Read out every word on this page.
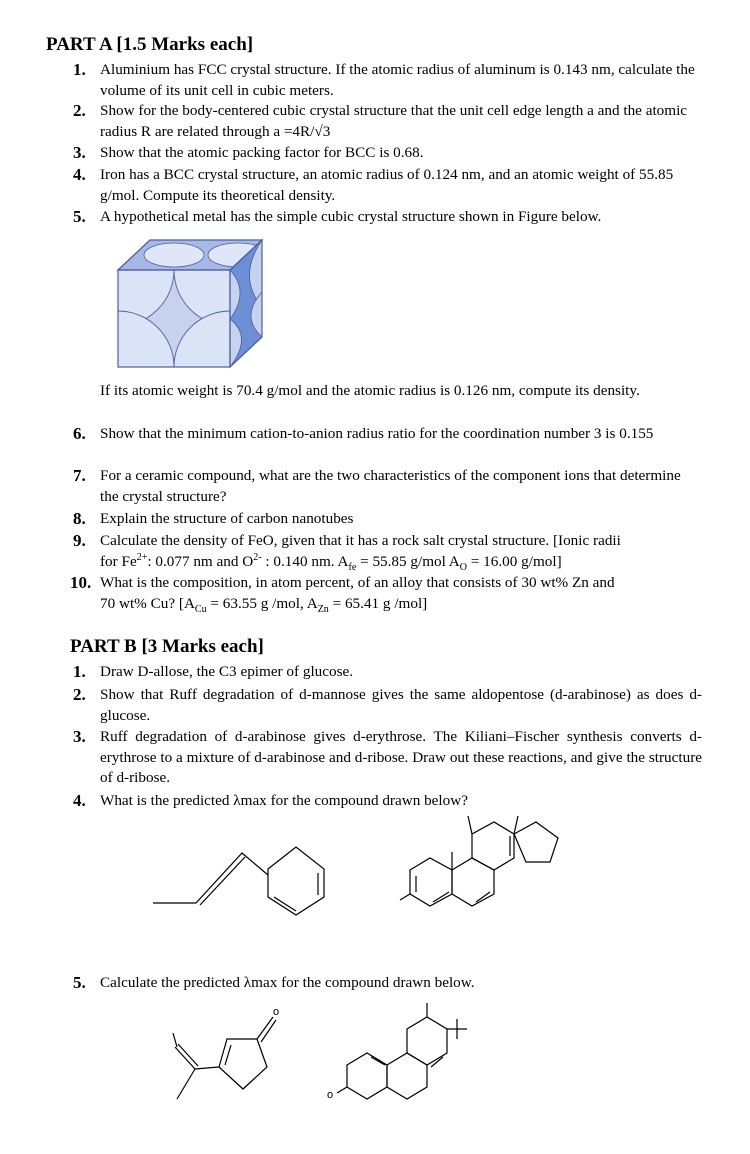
PART A [1.5 Marks each]
1. Aluminium has FCC crystal structure. If the atomic radius of aluminum is 0.143 nm, calculate the volume of its unit cell in cubic meters.
2. Show for the body-centered cubic crystal structure that the unit cell edge length a and the atomic radius R are related through a =4R/√3
3. Show that the atomic packing factor for BCC is 0.68.
4. Iron has a BCC crystal structure, an atomic radius of 0.124 nm, and an atomic weight of 55.85 g/mol. Compute its theoretical density.
5. A hypothetical metal has the simple cubic crystal structure shown in Figure below.
If its atomic weight is 70.4 g/mol and the atomic radius is 0.126 nm, compute its density.
6. Show that the minimum cation-to-anion radius ratio for the coordination number 3 is 0.155
7. For a ceramic compound, what are the two characteristics of the component ions that determine the crystal structure?
8. Explain the structure of carbon nanotubes
9. Calculate the density of FeO, given that it has a rock salt crystal structure. [Ionic radii
for $Fe^{2+}$: 0.077 nm and $O^{2-}$ : 0.140 nm. $A_{fe} = 55.85$ g/mol $A_O = 16.00$ g/mol]
10. What is the composition, in atom percent, of an alloy that consists of 30 wt% Zn and
70 wt% Cu? [$A_{Cu} = 63.55$ g /mol, $A_{Zn} = 65.41$ g /mol]
PART B [3 Marks each]
1. Draw D-allose, the C3 epimer of glucose.
2. Show that Ruff degradation of d-mannose gives the same aldopentose (d-arabinose) as does d-glucose.
3. Ruff degradation of d-arabinose gives d-erythrose. The Kiliani–Fischer synthesis converts d-erythrose to a mixture of d-arabinose and d-ribose. Draw out these reactions, and give the structure of d-ribose.
4. What is the predicted λmax for the compound drawn below?
5. Calculate the predicted λmax for the compound drawn below.
o
o
